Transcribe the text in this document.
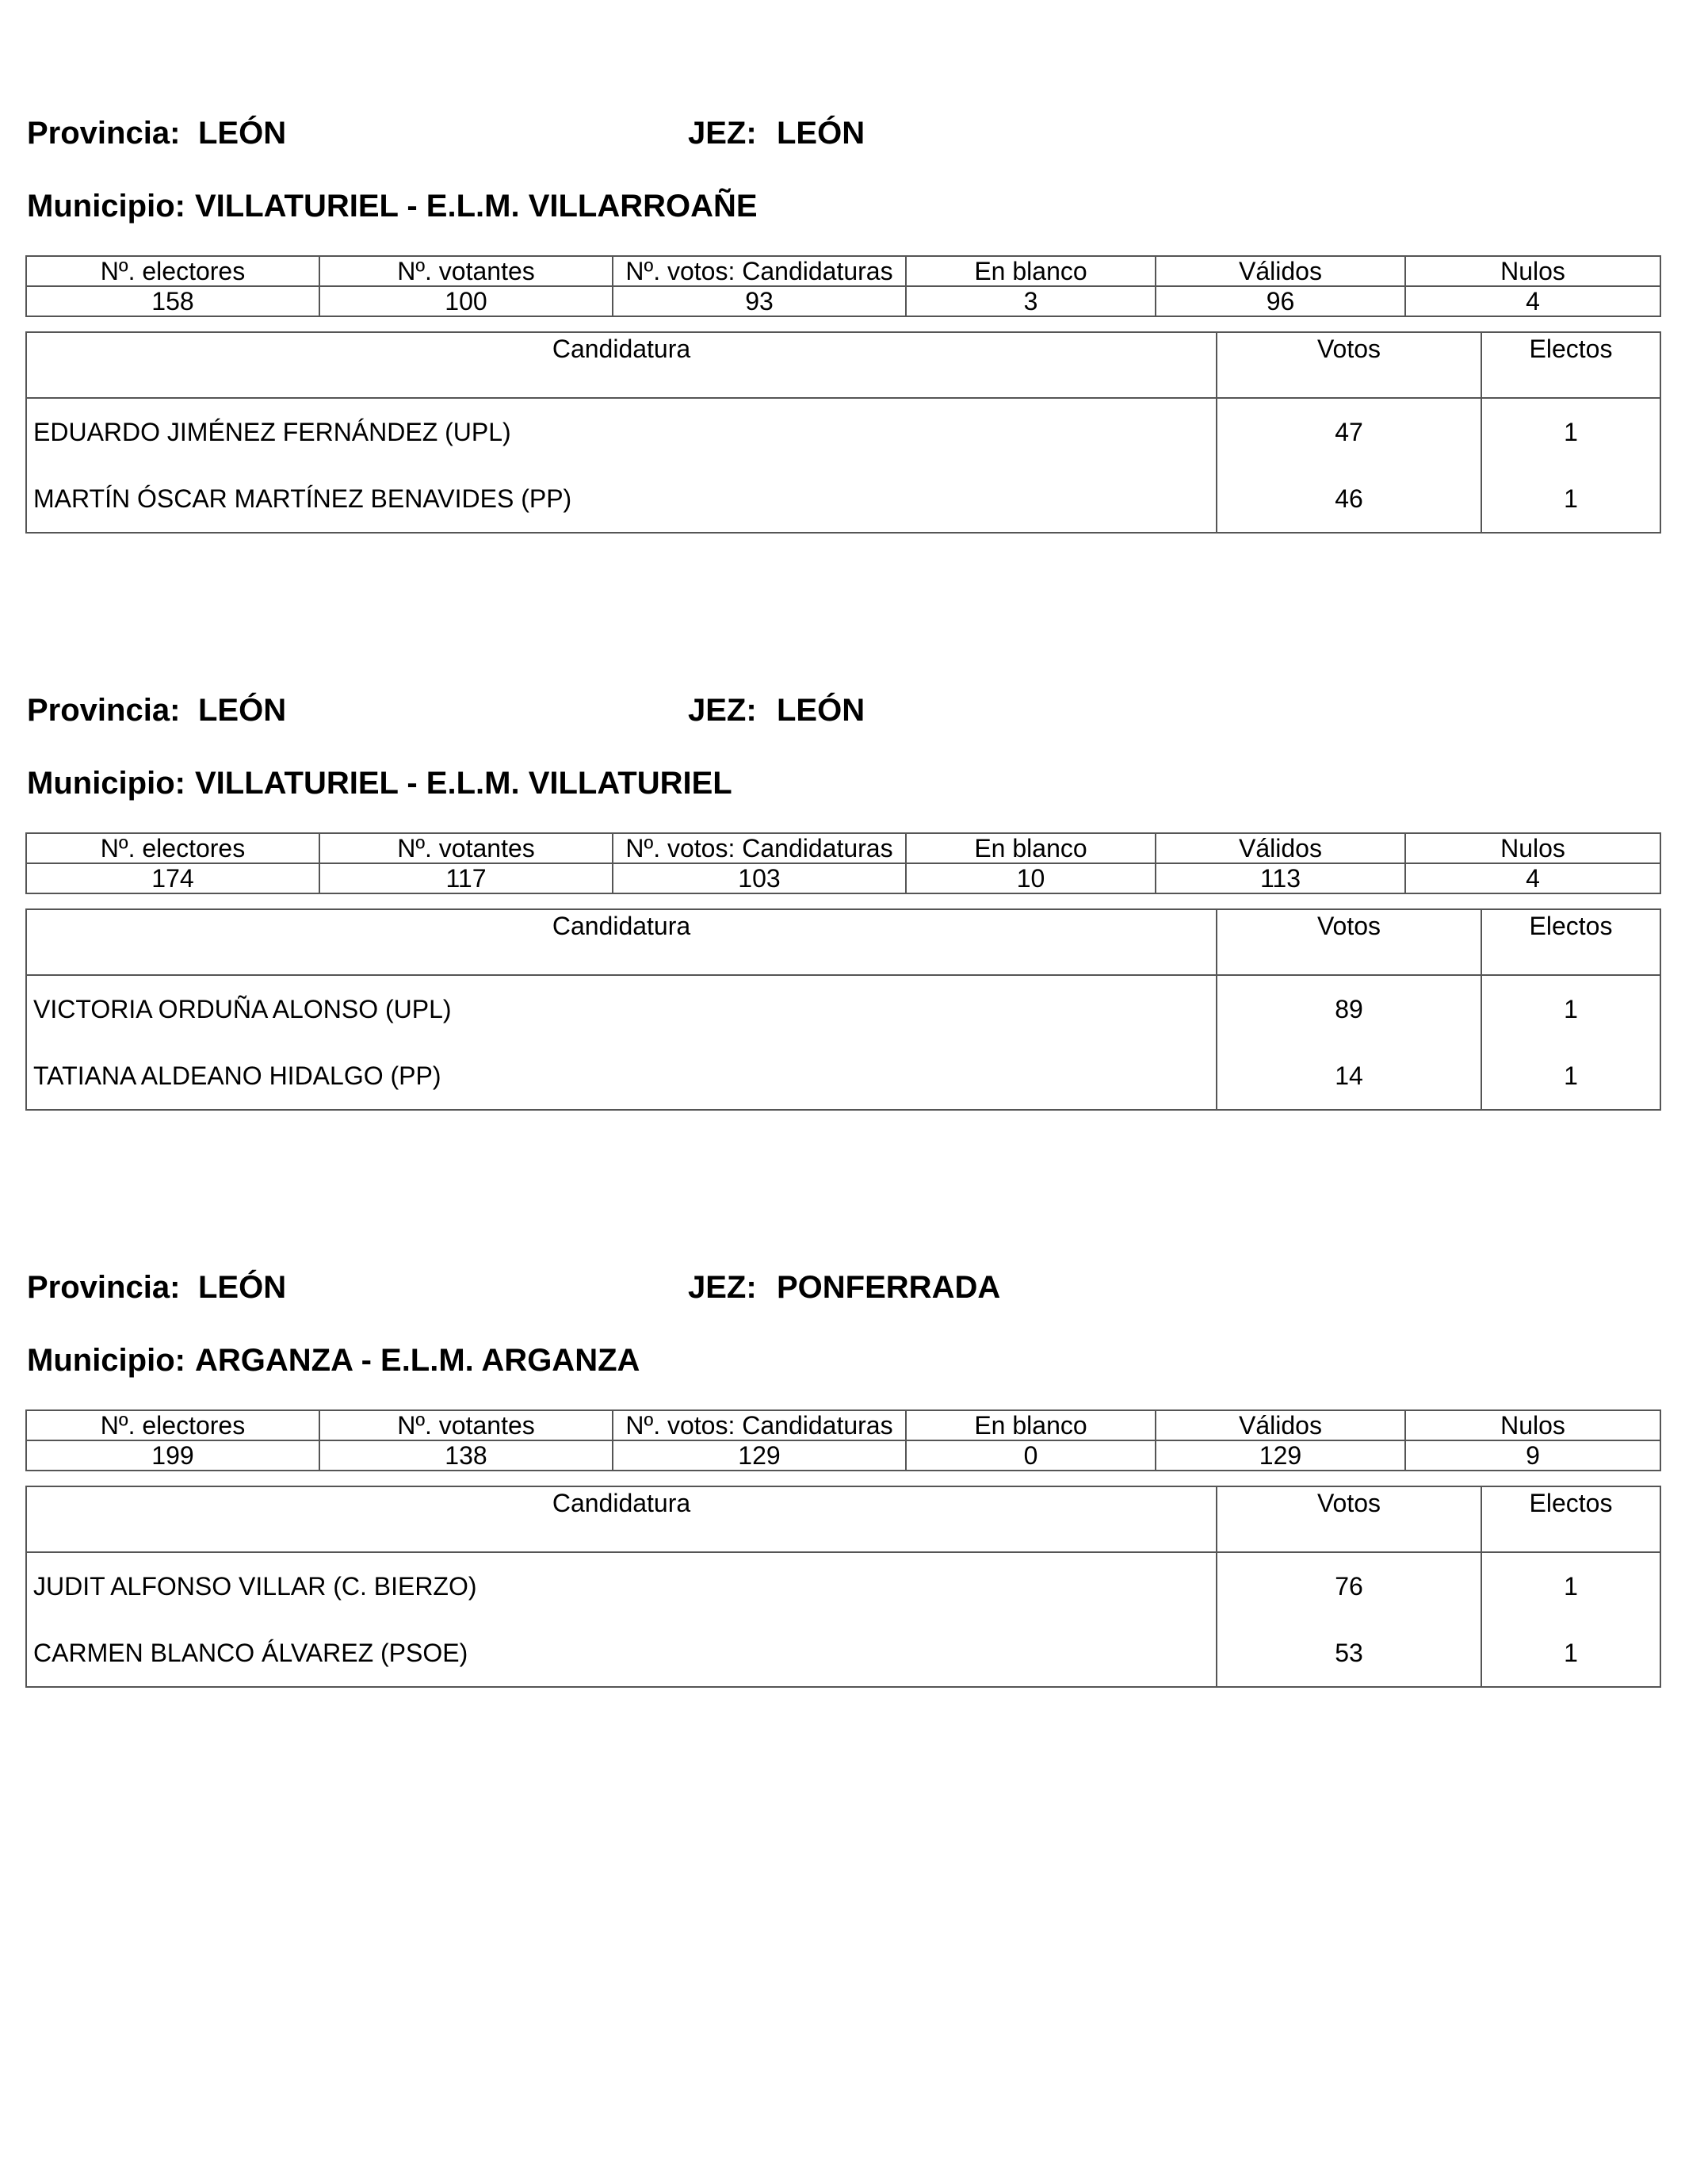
Provincia: LEÓN	JEZ: LEÓN
Municipio: VILLATURIEL - E.L.M. VILLARROAÑE
Nº. electores	Nº. votantes	Nº. votos: Candidaturas	En blanco	Válidos	Nulos
158	100	93	3	96	4
Candidatura	Votos	Electos
EDUARDO JIMÉNEZ FERNÁNDEZ (UPL)	47	1
MARTÍN ÓSCAR MARTÍNEZ BENAVIDES (PP)	46	1
Provincia: LEÓN	JEZ: LEÓN
Municipio: VILLATURIEL - E.L.M. VILLATURIEL
Nº. electores	Nº. votantes	Nº. votos: Candidaturas	En blanco	Válidos	Nulos
174	117	103	10	113	4
Candidatura	Votos	Electos
VICTORIA ORDUÑA ALONSO (UPL)	89	1
TATIANA ALDEANO HIDALGO (PP)	14	1
Provincia: LEÓN	JEZ: PONFERRADA
Municipio: ARGANZA - E.L.M. ARGANZA
Nº. electores	Nº. votantes	Nº. votos: Candidaturas	En blanco	Válidos	Nulos
199	138	129	0	129	9
Candidatura	Votos	Electos
JUDIT ALFONSO VILLAR (C. BIERZO)	76	1
CARMEN BLANCO ÁLVAREZ (PSOE)	53	1
